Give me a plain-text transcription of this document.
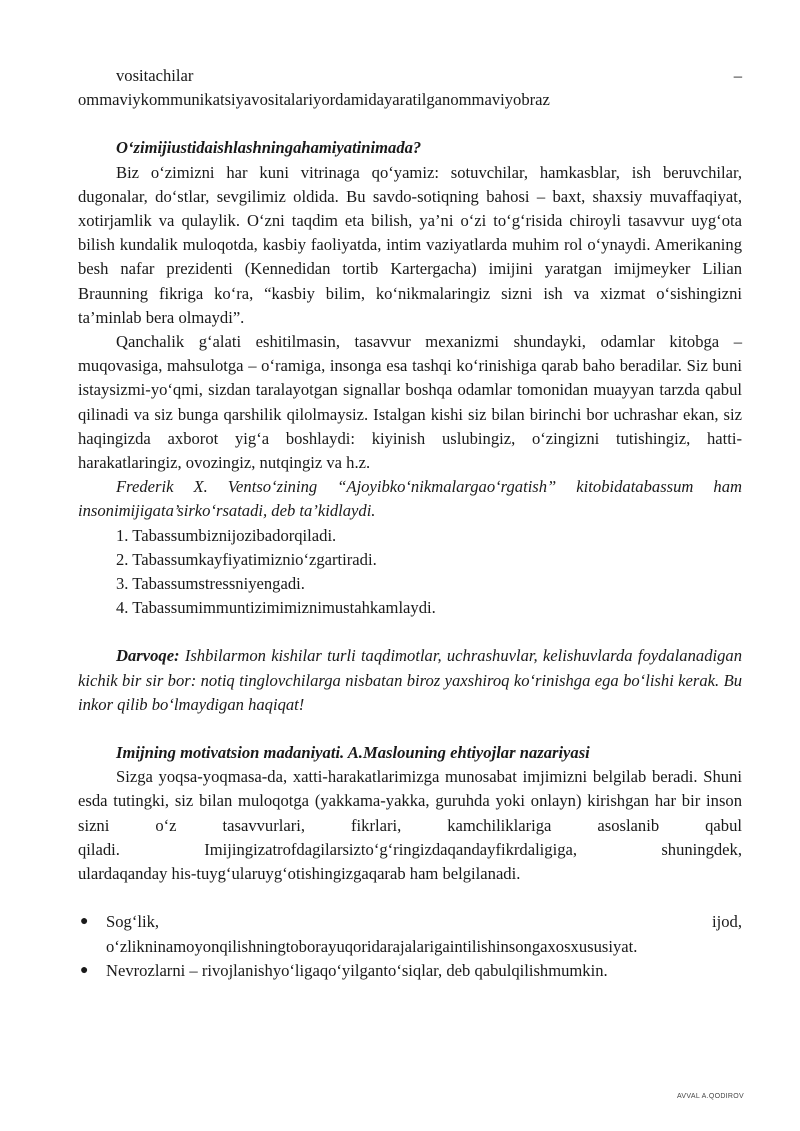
vositachilar	–

ommaviykommunikatsiyavositalariyordamidayaratilganommaviyobraz

O‘zimijiustidaishlashningahamiyatinimada?

Biz o‘zimizni har kuni vitrinaga qo‘yamiz: sotuvchilar, hamkasblar, ish beruvchilar, dugonalar, do‘stlar, sevgilimiz oldida. Bu savdo-sotiqning bahosi – baxt, shaxsiy muvaffaqiyat, xotirjamlik va qulaylik. O‘zni taqdim eta bilish, ya’ni o‘zi to‘g‘risida chiroyli tasavvur uyg‘ota bilish kundalik muloqotda, kasbiy faoliyatda, intim vaziyatlarda muhim rol o‘ynaydi. Amerikaning besh nafar prezidenti (Kennedidan tortib Kartergacha) imijini yaratgan imijmeyker Lilian Braunning fikriga ko‘ra, “kasbiy bilim, ko‘nikmalaringiz sizni ish va xizmat o‘sishingizni ta’minlab bera olmaydi”.

Qanchalik g‘alati eshitilmasin, tasavvur mexanizmi shundayki, odamlar kitobga – muqovasiga, mahsulotga – o‘ramiga, insonga esa tashqi ko‘rinishiga qarab baho beradilar. Siz buni istaysizmi-yo‘qmi, sizdan taralayotgan signallar boshqa odamlar tomonidan muayyan tarzda qabul qilinadi va siz bunga qarshilik qilolmaysiz. Istalgan kishi siz bilan birinchi bor uchrashar ekan, siz haqingizda axborot yig‘a boshlaydi: kiyinish uslubingiz, o‘zingizni tutishingiz, hatti-harakatlaringiz, ovozingiz, nutqingiz va h.z.

Frederik X. Ventso‘zining “Ajoyibko‘nikmalargao‘rgatish” kitobidatabassum ham insonimijigata’sirko‘rsatadi, deb ta’kidlaydi.

1. Tabassumbiznijozibadorqiladi.
2. Tabassumkayfiyatimiznio‘zgartiradi.
3. Tabassumstressniyengadi.
4. Tabassumimmuntizimimiznimustahkamlaydi.

Darvoqe: Ishbilarmon kishilar turli taqdimotlar, uchrashuvlar, kelishuvlarda foydalanadigan kichik bir sir bor: notiq tinglovchilarga nisbatan biroz yaxshiroq ko‘rinishga ega bo‘lishi kerak. Bu inkor qilib bo‘lmaydigan haqiqat!

Imijning motivatsion madaniyati. A.Maslouning ehtiyojlar nazariyasi

Sizga yoqsa-yoqmasa-da, xatti-harakatlarimizga munosabat imjimizni belgilab beradi. Shuni esda tutingki, siz bilan muloqotga (yakkama-yakka, guruhda yoki onlayn) kirishgan har bir inson sizni o‘z tasavvurlari, fikrlari, kamchiliklariga asoslanib qabul

qiladi.	Imijingizatrofdagilarsizto‘g‘ringizdaqandayfikrdaligiga,	shuningdek,

ulardaqanday his-tuyg‘ularuyg‘otishingizgaqarab ham belgilanadi.

● Sog‘lik,	ijod,
o‘zlikninamoyonqilishningtoborayuqoridarajalarigaintilishinsongaxosxususiyat.
● Nevrozlarni – rivojlanishyo‘ligaqo‘yilganto‘siqlar, deb qabulqilishmumkin.
AVVAL A.QODIROV
